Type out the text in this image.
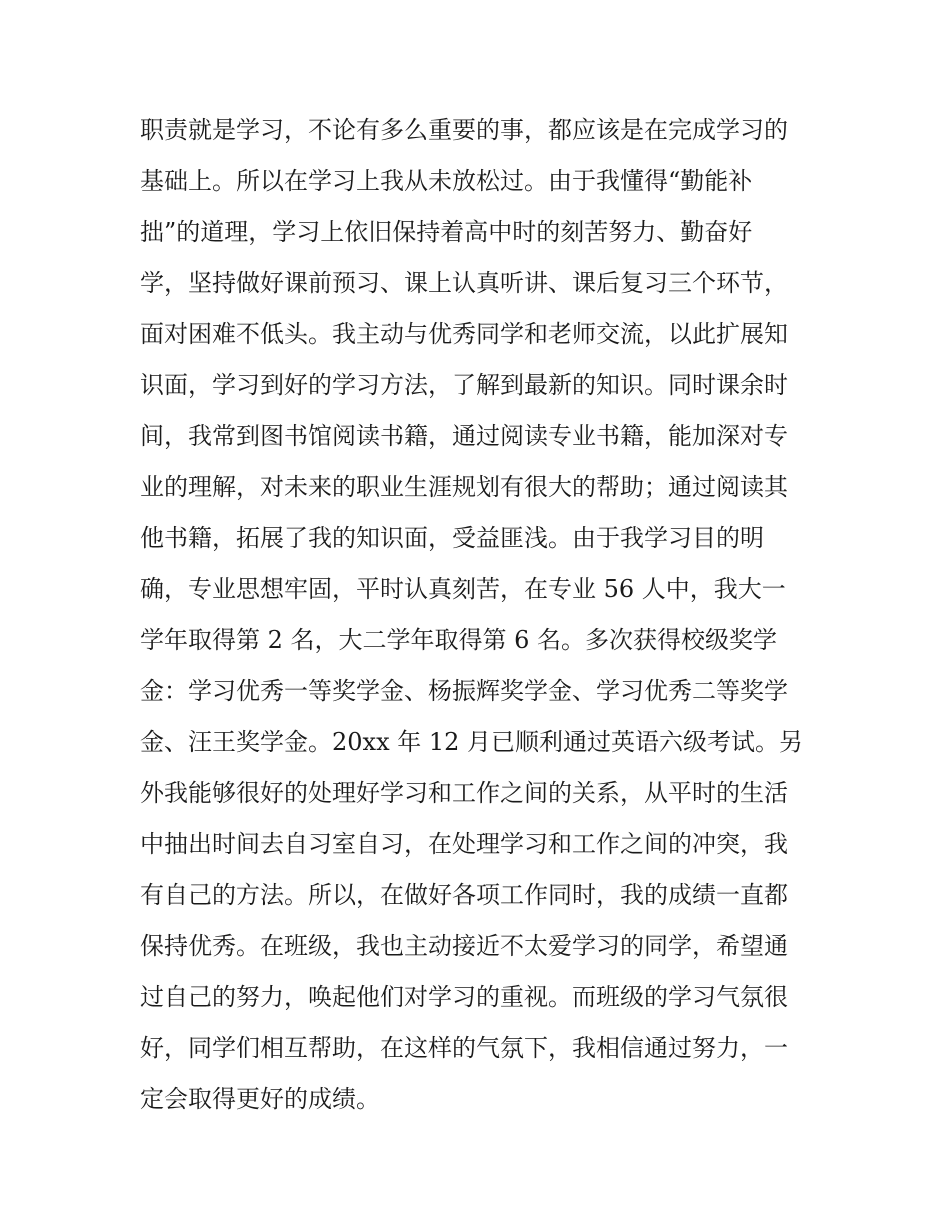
职责就是学习，不论有多么重要的事，都应该是在完成学习的
基础上。所以在学习上我从未放松过。由于我懂得“勤能补
拙”的道理，学习上依旧保持着高中时的刻苦努力、勤奋好
学，坚持做好课前预习、课上认真听讲、课后复习三个环节，
面对困难不低头。我主动与优秀同学和老师交流，以此扩展知
识面，学习到好的学习方法，了解到最新的知识。同时课余时
间，我常到图书馆阅读书籍，通过阅读专业书籍，能加深对专
业的理解，对未来的职业生涯规划有很大的帮助；通过阅读其
他书籍，拓展了我的知识面，受益匪浅。由于我学习目的明
确，专业思想牢固，平时认真刻苦，在专业 56 人中，我大一
学年取得第 2 名，大二学年取得第 6 名。多次获得校级奖学
金：学习优秀一等奖学金、杨振辉奖学金、学习优秀二等奖学
金、汪王奖学金。20xx 年 12 月已顺利通过英语六级考试。另
外我能够很好的处理好学习和工作之间的关系，从平时的生活
中抽出时间去自习室自习，在处理学习和工作之间的冲突，我
有自己的方法。所以，在做好各项工作同时，我的成绩一直都
保持优秀。在班级，我也主动接近不太爱学习的同学，希望通
过自己的努力，唤起他们对学习的重视。而班级的学习气氛很
好，同学们相互帮助，在这样的气氛下，我相信通过努力，一
定会取得更好的成绩。
